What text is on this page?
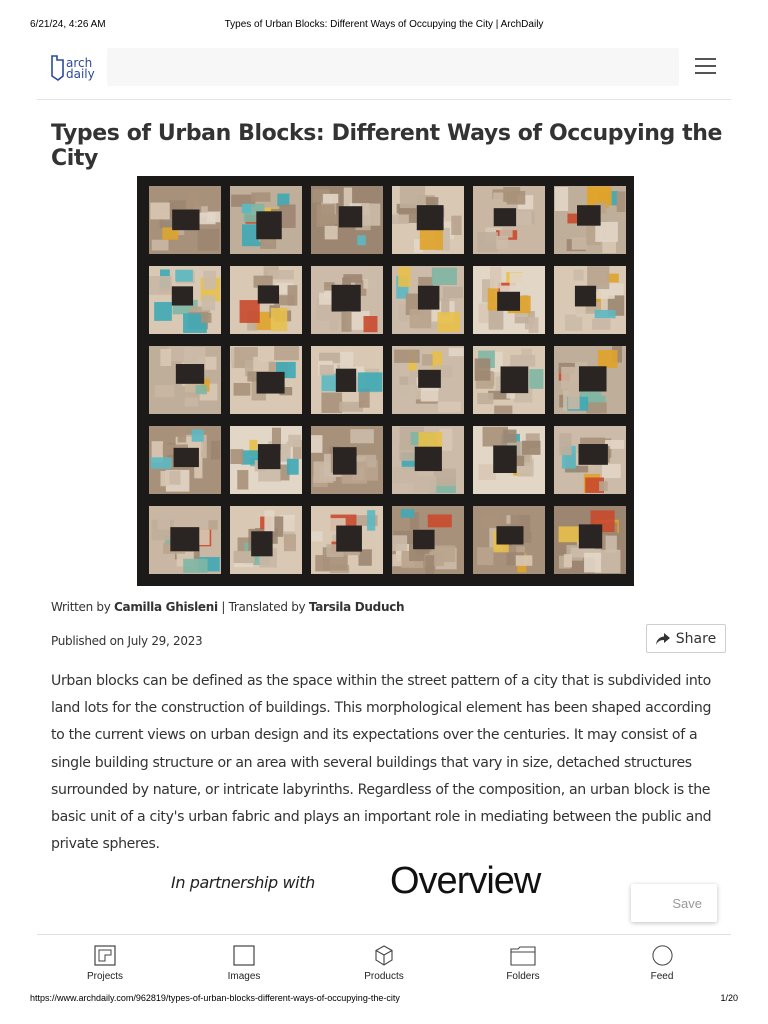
6/21/24, 4:26 AM	Types of Urban Blocks: Different Ways of Occupying the City | ArchDaily
arch
daily
Types of Urban Blocks: Different Ways of Occupying the City
Written by Camilla Ghisleni | Translated by Tarsila Duduch
Published on July 29, 2023	Share

Urban blocks can be defined as the space within the street pattern of a city that is subdivided into land lots for the construction of buildings. This morphological element has been shaped according to the current views on urban design and its expectations over the centuries. It may consist of a single building structure or an area with several buildings that vary in size, detached structures surrounded by nature, or intricate labyrinths. Regardless of the composition, an urban block is the basic unit of a city's urban fabric and plays an important role in mediating between the public and private spheres.

In partnership with Overview
Save
Projects	Images	Products	Folders	Feed
https://www.archdaily.com/962819/types-of-urban-blocks-different-ways-of-occupying-the-city	1/20
